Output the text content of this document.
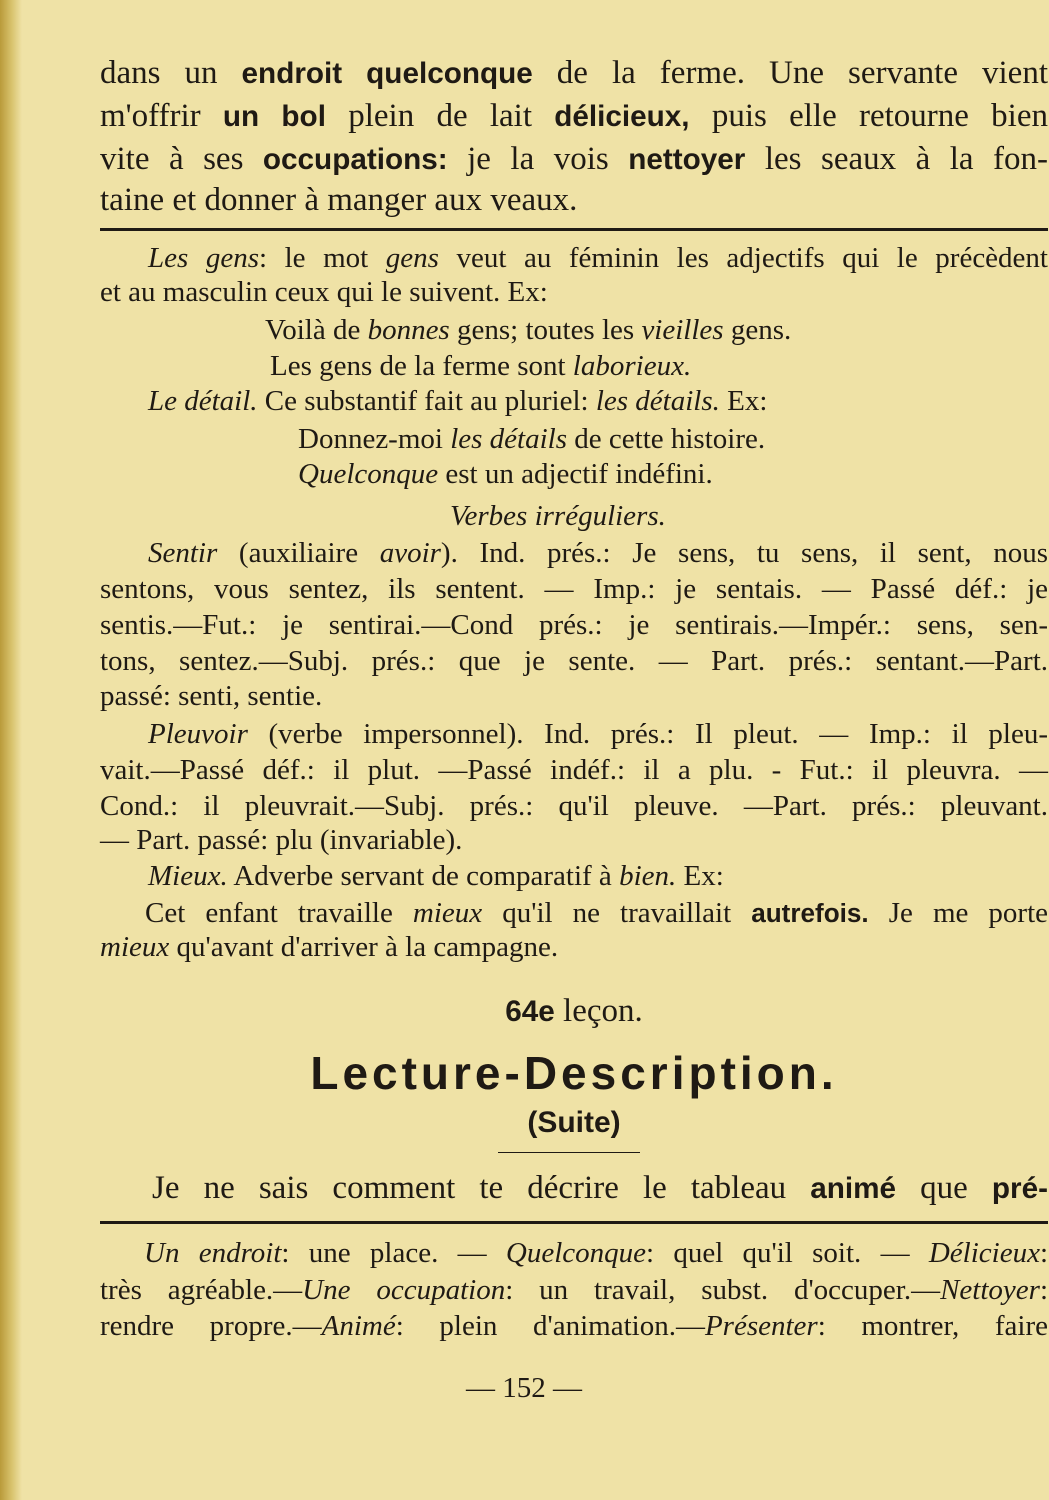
dans un endroit quelconque de la ferme. Une servante vient
m'offrir un bol plein de lait délicieux, puis elle retourne bien
vite à ses occupations: je la vois nettoyer les seaux à la fon-
taine et donner à manger aux veaux.
Les gens: le mot gens veut au féminin les adjectifs qui le précèdent
et au masculin ceux qui le suivent. Ex:
Voilà de bonnes gens; toutes les vieilles gens.
Les gens de la ferme sont laborieux.
Le détail. Ce substantif fait au pluriel: les détails. Ex:
Donnez-moi les détails de cette histoire.
Quelconque est un adjectif indéfini.
Verbes irréguliers.
Sentir (auxiliaire avoir). Ind. prés.: Je sens, tu sens, il sent, nous
sentons, vous sentez, ils sentent. — Imp.: je sentais. — Passé déf.: je
sentis.—Fut.: je sentirai.—Cond prés.: je sentirais.—Impér.: sens, sen-
tons, sentez.—Subj. prés.: que je sente. — Part. prés.: sentant.—Part.
passé: senti, sentie.
Pleuvoir (verbe impersonnel). Ind. prés.: Il pleut. — Imp.: il pleu-
vait.—Passé déf.: il plut. —Passé indéf.: il a plu. - Fut.: il pleuvra. —
Cond.: il pleuvrait.—Subj. prés.: qu'il pleuve. —Part. prés.: pleuvant.
— Part. passé: plu (invariable).
Mieux. Adverbe servant de comparatif à bien. Ex:
Cet enfant travaille mieux qu'il ne travaillait autrefois. Je me porte
mieux qu'avant d'arriver à la campagne.
64e leçon.
Lecture-Description.
(Suite)
Je ne sais comment te décrire le tableau animé que pré-
Un endroit: une place. — Quelconque: quel qu'il soit. — Délicieux:
très agréable.—Une occupation: un travail, subst. d'occuper.—Nettoyer:
rendre propre.—Animé: plein d'animation.—Présenter: montrer, faire
— 152 —
